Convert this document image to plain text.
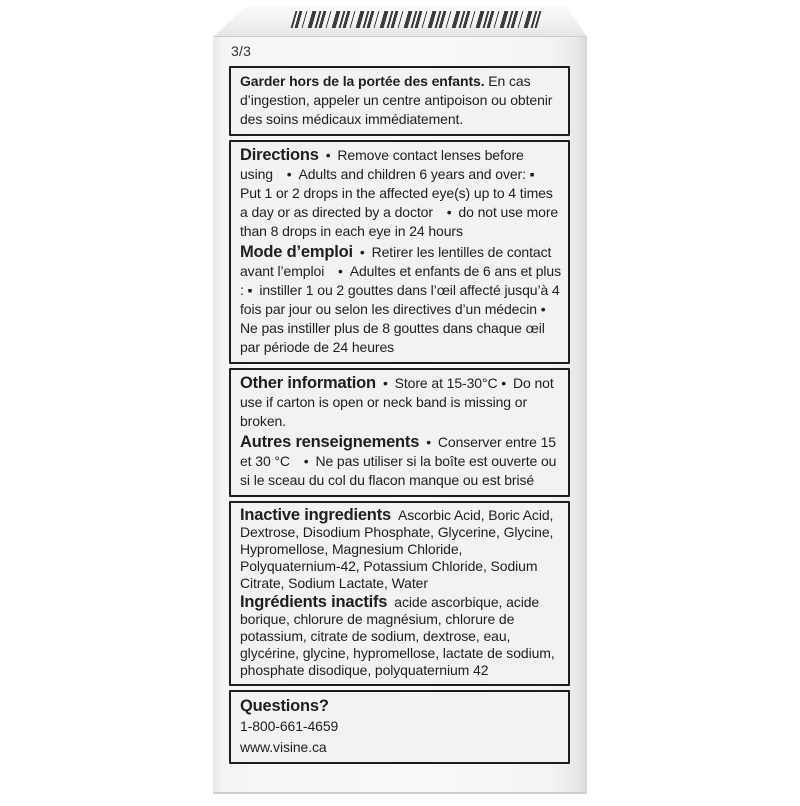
3/3

Garder hors de la portée des enfants. En cas d’ingestion, appeler un centre antipoison ou obtenir des soins médicaux immédiatement.

Directions • Remove contact lenses before using  • Adults and children 6 years and over: ▪ Put 1 or 2 drops in the affected eye(s) up to 4 times a day or as directed by a doctor  • do not use more than 8 drops in each eye in 24 hours

Mode d’emploi • Retirer les lentilles de contact avant l’emploi  • Adultes et enfants de 6 ans et plus : ▪ instiller 1 ou 2 gouttes dans l’œil affecté jusqu’à 4 fois par jour ou selon les directives d’un médecin • Ne pas instiller plus de 8 gouttes dans chaque œil par période de 24 heures

Other information • Store at 15-30°C • Do not use if carton is open or neck band is missing or broken.

Autres renseignements • Conserver entre 15 et 30 °C  • Ne pas utiliser si la boîte est ouverte ou si le sceau du col du flacon manque ou est brisé

Inactive ingredients Ascorbic Acid, Boric Acid, Dextrose, Disodium Phosphate, Glycerine, Glycine, Hypromellose, Magnesium Chloride, Polyquaternium-42, Potassium Chloride, Sodium Citrate, Sodium Lactate, Water

Ingrédients inactifs acide ascorbique, acide borique, chlorure de magnésium, chlorure de potassium, citrate de sodium, dextrose, eau, glycérine, glycine, hypromellose, lactate de sodium, phosphate disodique, polyquaternium 42

Questions?

1-800-661-4659

www.visine.ca
